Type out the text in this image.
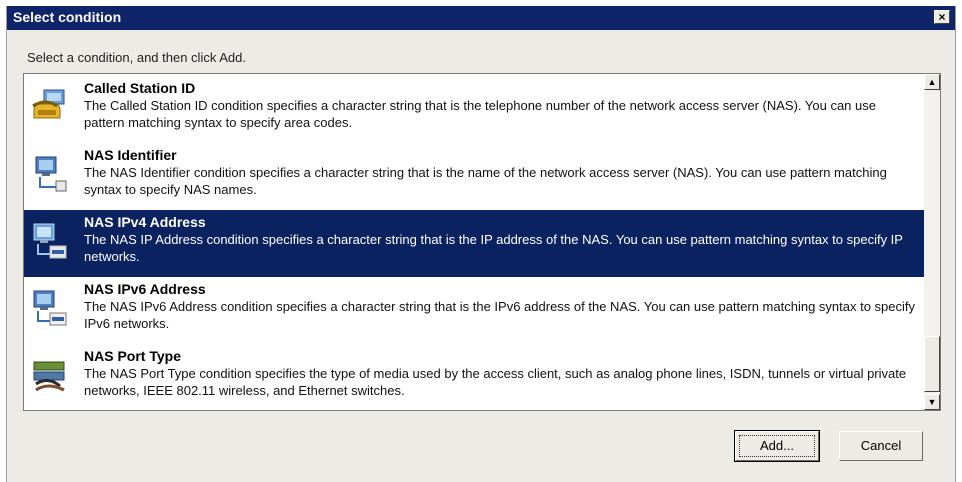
Select condition	×
Select a condition, and then click Add.
Called Station ID
The Called Station ID condition specifies a character string that is the telephone number of the network access server (NAS). You can use pattern matching syntax to specify area codes.
NAS Identifier
The NAS Identifier condition specifies a character string that is the name of the network access server (NAS). You can use pattern matching syntax to specify NAS names.
NAS IPv4 Address
The NAS IP Address condition specifies a character string that is the IP address of the NAS. You can use pattern matching syntax to specify IP networks.
NAS IPv6 Address
The NAS IPv6 Address condition specifies a character string that is the IPv6 address of the NAS. You can use pattern matching syntax to specify IPv6 networks.
NAS Port Type
The NAS Port Type condition specifies the type of media used by the access client, such as analog phone lines, ISDN, tunnels or virtual private networks, IEEE 802.11 wireless, and Ethernet switches.
▲
▼
Add...	Cancel
